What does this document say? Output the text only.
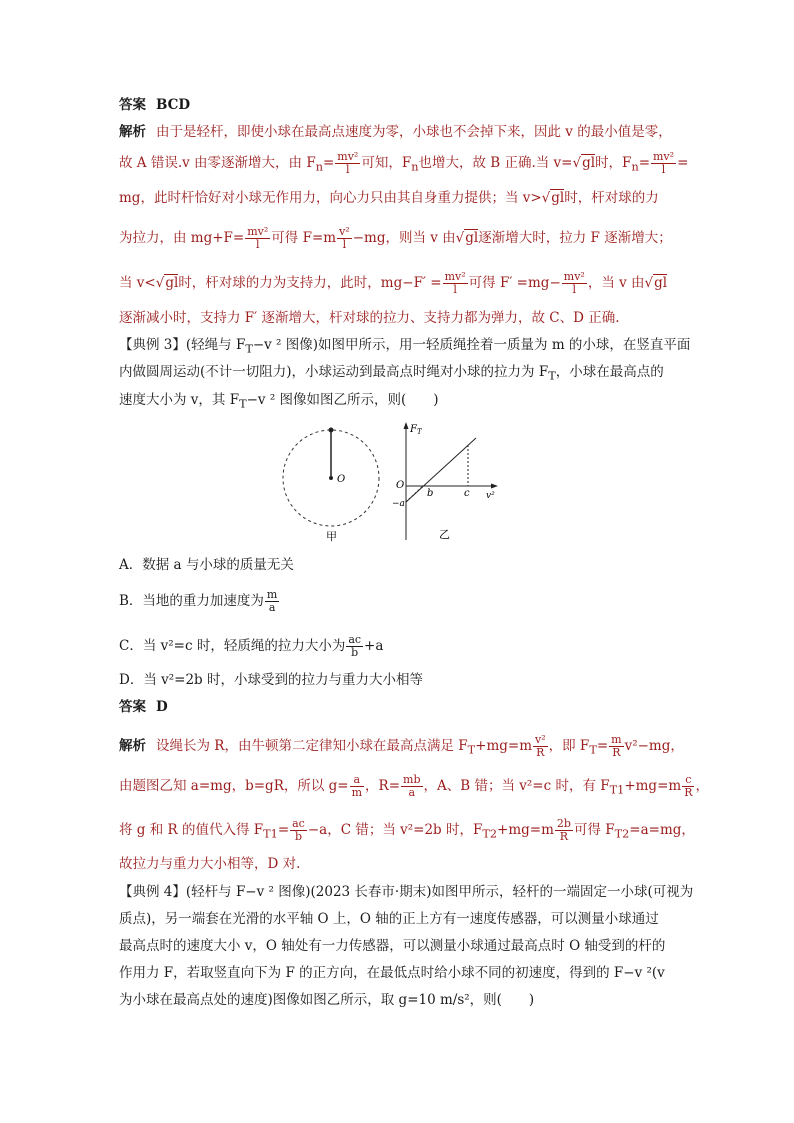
答案 BCD
解析 由于是轻杆，即使小球在最高点速度为零，小球也不会掉下来，因此 v 的最小值是零，
故 A 错误.v 由零逐渐增大，由 $F_n= \frac{\text{mv²}}{l}$ 可知，$F_n$也增大，故 B 正确.当 v=√gl时，$F_n= \frac{\text{mv²}}{l}$ =
mg，此时杆恰好对小球无作用力，向心力只由其自身重力提供；当 v>√gl时，杆对球的力
为拉力，由 $mg+F= \frac{\text{mv²}}{l}$ 可得 $F=m \frac{\text{v²}}{l} -mg$，则当 v 由√gl逐渐增大时，拉力 F 逐渐增大；
当 v<√gl时，杆对球的力为支持力，此时，$mg-F' = \frac{\text{mv²}}{l}$ 可得 $F' =mg- \frac{\text{mv²}}{l}$ ，当 v 由√gl
逐渐减小时，支持力 F′ 逐渐增大，杆对球的拉力、支持力都为弹力，故 C、D 正确.
【典例 3】(轻绳与 $F_T-v$ ² 图像)如图甲所示，用一轻质绳拴着一质量为 m 的小球，在竖直平面
内做圆周运动(不计一切阻力)，小球运动到最高点时绳对小球的拉力为 $F_T$，小球在最高点的
速度大小为 v，其 $F_T-v$ ² 图像如图乙所示，则(　　)
A．数据 a 与小球的质量无关
B．当地的重力加速度为 $\frac{m}{a}$
C．当 v²=c 时，轻质绳的拉力大小为 $\frac{ac}{b} +a$
D．当 v²=2b 时，小球受到的拉力与重力大小相等
答案 D
解析 设绳长为 R，由牛顿第二定律知小球在最高点满足 $F_T+mg=m \frac{\text{v²}}{R}$ ，即 $F_T= \frac{m}{R} v^2-mg$，
由题图乙知 a=mg，b=gR，所以 $g= \frac{a}{m}$ ，$R= \frac{mb}{a}$ ，A、B 错；当 v²=c 时，有 $F_{T1}+mg=m \frac{c}{R}$ ，
将 g 和 R 的值代入得 $F_{T1}= \frac{ac}{b} -a$，C 错；当 v²=2b 时，$F_{T2}+mg=m \frac{2b}{R}$ 可得 $F_{T2}=a=mg$，
故拉力与重力大小相等，D 对.
【典例 4】(轻杆与 F−v ² 图像)(2023 长春市·期末)如图甲所示，轻杆的一端固定一小球(可视为
质点)，另一端套在光滑的水平轴 O 上，O 轴的正上方有一速度传感器，可以测量小球通过
最高点时的速度大小 v，O 轴处有一力传感器，可以测量小球通过最高点时 O 轴受到的杆的
作用力 F，若取竖直向下为 F 的正方向，在最低点时给小球不同的初速度，得到的 F−v ²(v
为小球在最高点处的速度)图像如图乙所示，取 g=10 m/s²，则(　　)
O
甲
$F_T$
v²
O
b	c
−a
乙
